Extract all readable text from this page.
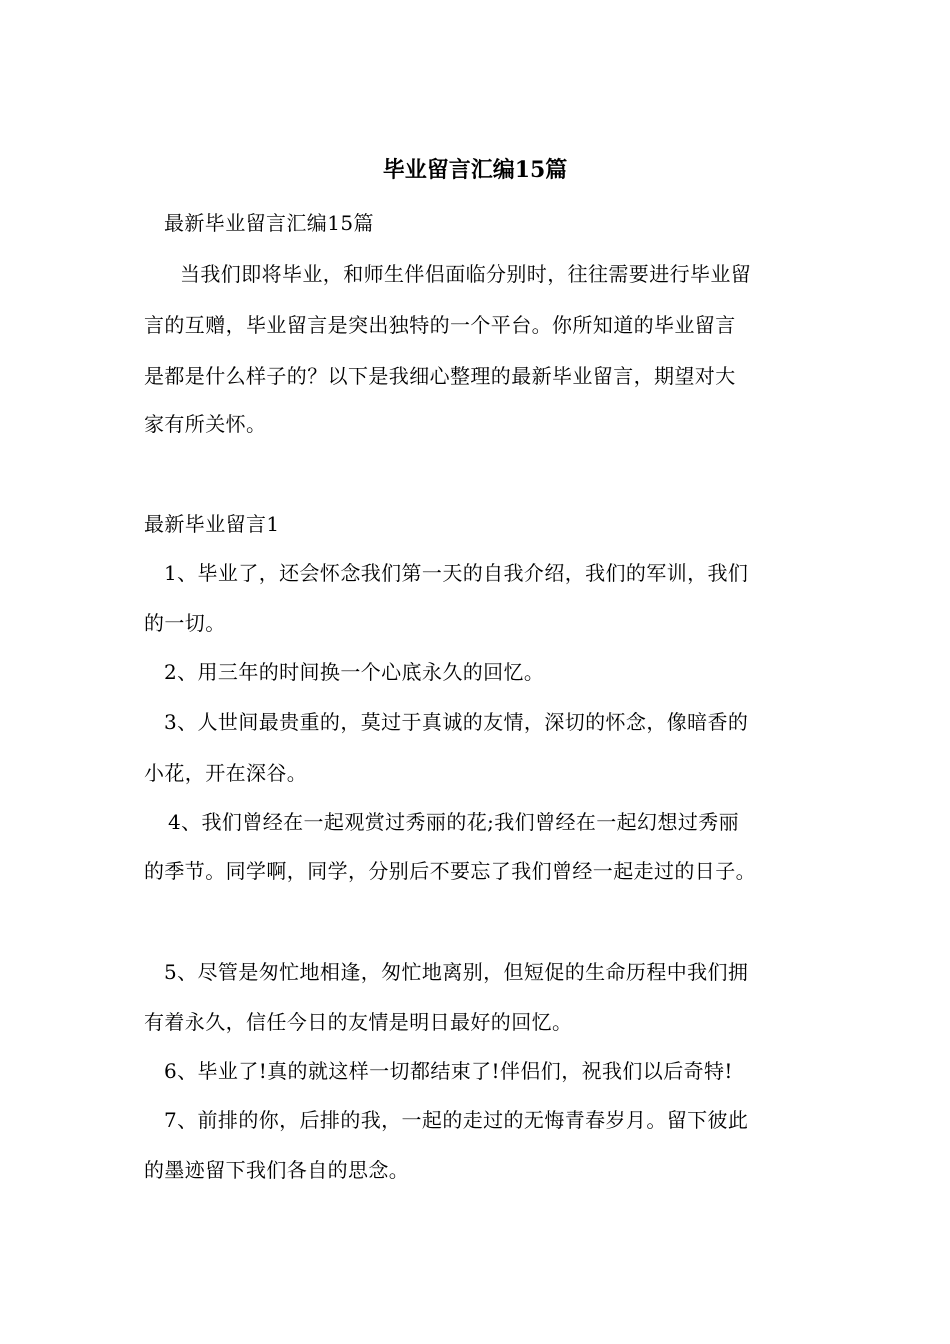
毕业留言汇编15篇
最新毕业留言汇编15篇
当我们即将毕业，和师生伴侣面临分别时，往往需要进行毕业留
言的互赠，毕业留言是突出独特的一个平台。你所知道的毕业留言
是都是什么样子的？以下是我细心整理的最新毕业留言，期望对大
家有所关怀。
最新毕业留言1
1、毕业了，还会怀念我们第一天的自我介绍，我们的军训，我们
的一切。
2、用三年的时间换一个心底永久的回忆。
3、人世间最贵重的，莫过于真诚的友情，深切的怀念，像暗香的
小花，开在深谷。
4、我们曾经在一起观赏过秀丽的花;我们曾经在一起幻想过秀丽
的季节。同学啊，同学，分别后不要忘了我们曾经一起走过的日子。
5、尽管是匆忙地相逢，匆忙地离别，但短促的生命历程中我们拥
有着永久，信任今日的友情是明日最好的回忆。
6、毕业了!真的就这样一切都结束了!伴侣们，祝我们以后奇特!
7、前排的你，后排的我，一起的走过的无悔青春岁月。留下彼此
的墨迹留下我们各自的思念。
